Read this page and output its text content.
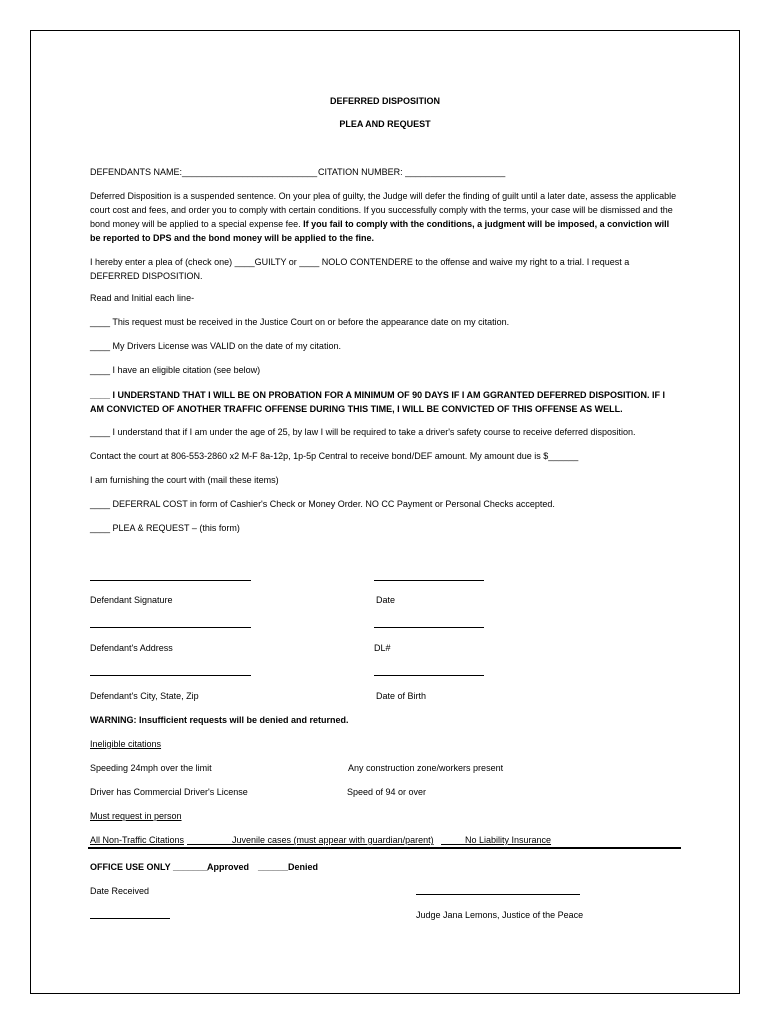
DEFERRED DISPOSITION
PLEA AND REQUEST
DEFENDANTS NAME:___________________________ CITATION NUMBER: ____________________
Deferred Disposition is a suspended sentence. On your plea of guilty, the Judge will defer the finding of guilt until a later date, assess the applicable court cost and fees, and order you to comply with certain conditions. If you successfully comply with the terms, your case will be dismissed and the bond money will be applied to a special expense fee. If you fail to comply with the conditions, a judgment will be imposed, a conviction will be reported to DPS and the bond money will be applied to the fine.
I hereby enter a plea of (check one) ____GUILTY or ____ NOLO CONTENDERE to the offense and waive my right to a trial. I request a DEFERRED DISPOSITION.
Read and Initial each line-
____ This request must be received in the Justice Court on or before the appearance date on my citation.
____ My Drivers License was VALID on the date of my citation.
____ I have an eligible citation (see below)
____ I UNDERSTAND THAT I WILL BE ON PROBATION FOR A MINIMUM OF 90 DAYS IF I AM GGRANTED DEFERRED DISPOSITION. IF I AM CONVICTED OF ANOTHER TRAFFIC OFFENSE DURING THIS TIME, I WILL BE CONVICTED OF THIS OFFENSE AS WELL.
____ I understand that if I am under the age of 25, by law I will be required to take a driver's safety course to receive deferred disposition.
Contact the court at 806-553-2860 x2 M-F 8a-12p, 1p-5p Central to receive bond/DEF amount. My amount due is $______
I am furnishing the court with (mail these items)
____ DEFERRAL COST in form of Cashier's Check or Money Order. NO CC Payment or Personal Checks accepted.
____ PLEA & REQUEST – (this form)
Defendant Signature	Date
Defendant's Address	DL#
Defendant's City, State, Zip	Date of Birth
WARNING: Insufficient requests will be denied and returned.
Ineligible citations
Speeding 24mph over the limit	Any construction zone/workers present
Driver has Commercial Driver's License	Speed of 94 or over
Must request in person
All Non-Traffic Citations	Juvenile cases (must appear with guardian/parent)	No Liability Insurance
OFFICE USE ONLY _______
Approved ______ Denied
Date Received
Judge Jana Lemons, Justice of the Peace
